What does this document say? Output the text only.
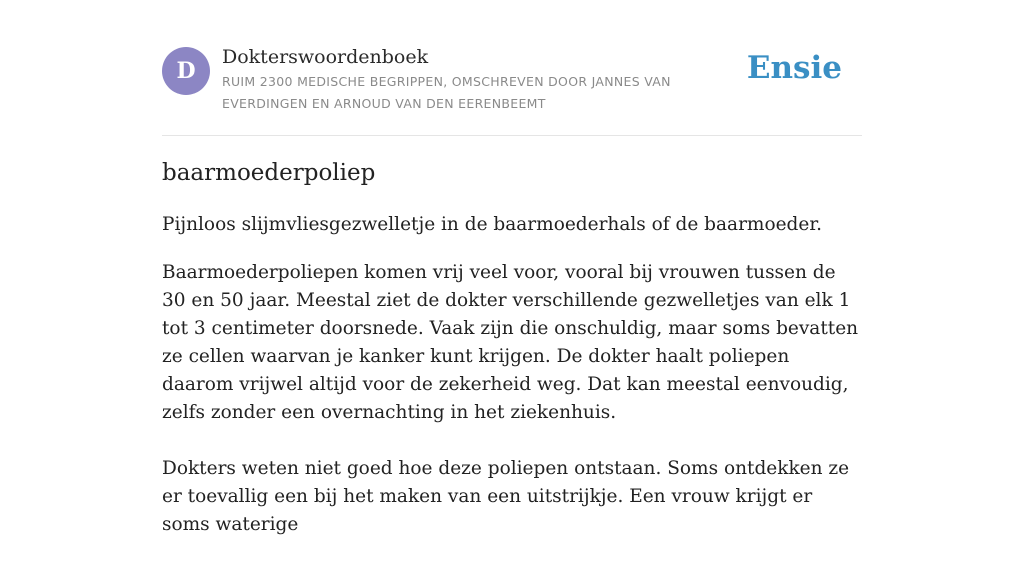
D
Dokterswoordenboek
RUIM 2300 MEDISCHE BEGRIPPEN, OMSCHREVEN DOOR JANNES VAN EVERDINGEN EN ARNOUD VAN DEN EERENBEEMT
Ensie
baarmoederpoliep

Pijnloos slijmvliesgezwelletje in de baarmoederhals of de baarmoeder.

Baarmoederpoliepen komen vrij veel voor, vooral bij vrouwen tussen de 30 en 50 jaar. Meestal ziet de dokter verschillende gezwelletjes van elk 1 tot 3 centimeter doorsnede. Vaak zijn die onschuldig, maar soms bevatten ze cellen waarvan je kanker kunt krijgen. De dokter haalt poliepen daarom vrijwel altijd voor de zekerheid weg. Dat kan meestal eenvoudig, zelfs zonder een overnachting in het ziekenhuis.

Dokters weten niet goed hoe deze poliepen ontstaan. Soms ontdekken ze er toevallig een bij het maken van een uitstrijkje. Een vrouw krijgt er soms waterige
